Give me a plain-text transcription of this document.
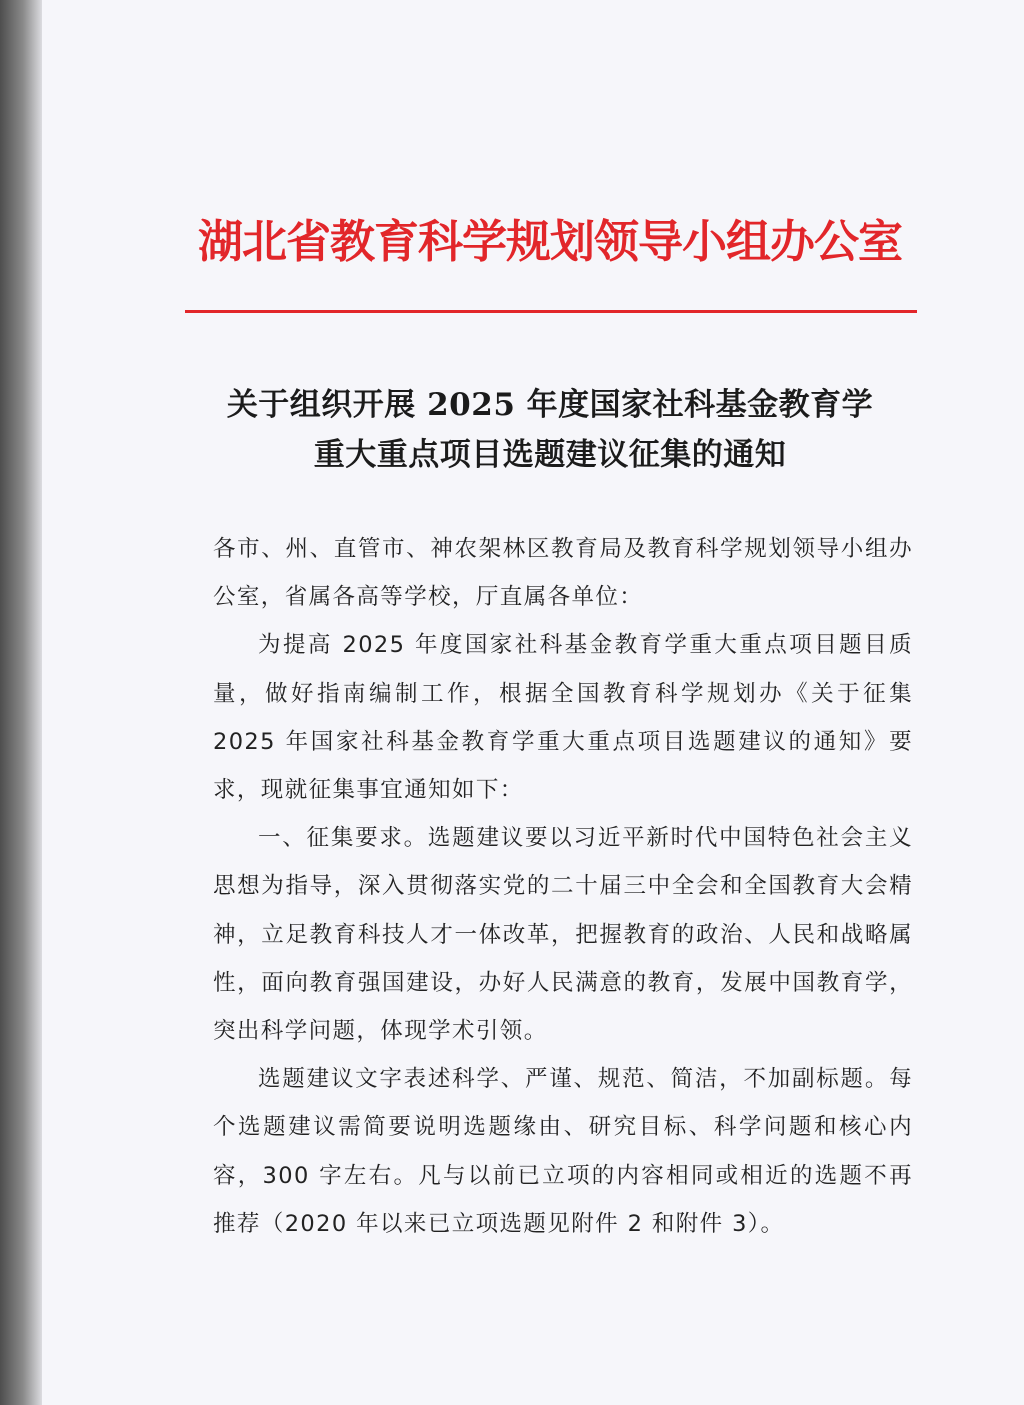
湖北省教育科学规划领导小组办公室
关于组织开展 2025 年度国家社科基金教育学
重大重点项目选题建议征集的通知

各市、州、直管市、神农架林区教育局及教育科学规划领导小组办公室，省属各高等学校，厅直属各单位：

为提高 2025 年度国家社科基金教育学重大重点项目题目质量，做好指南编制工作，根据全国教育科学规划办《关于征集 2025 年国家社科基金教育学重大重点项目选题建议的通知》要求，现就征集事宜通知如下：

一、征集要求。选题建议要以习近平新时代中国特色社会主义思想为指导，深入贯彻落实党的二十届三中全会和全国教育大会精神，立足教育科技人才一体改革，把握教育的政治、人民和战略属性，面向教育强国建设，办好人民满意的教育，发展中国教育学，突出科学问题，体现学术引领。

选题建议文字表述科学、严谨、规范、简洁，不加副标题。每个选题建议需简要说明选题缘由、研究目标、科学问题和核心内容，300 字左右。凡与以前已立项的内容相同或相近的选题不再推荐（2020 年以来已立项选题见附件 2 和附件 3）。
